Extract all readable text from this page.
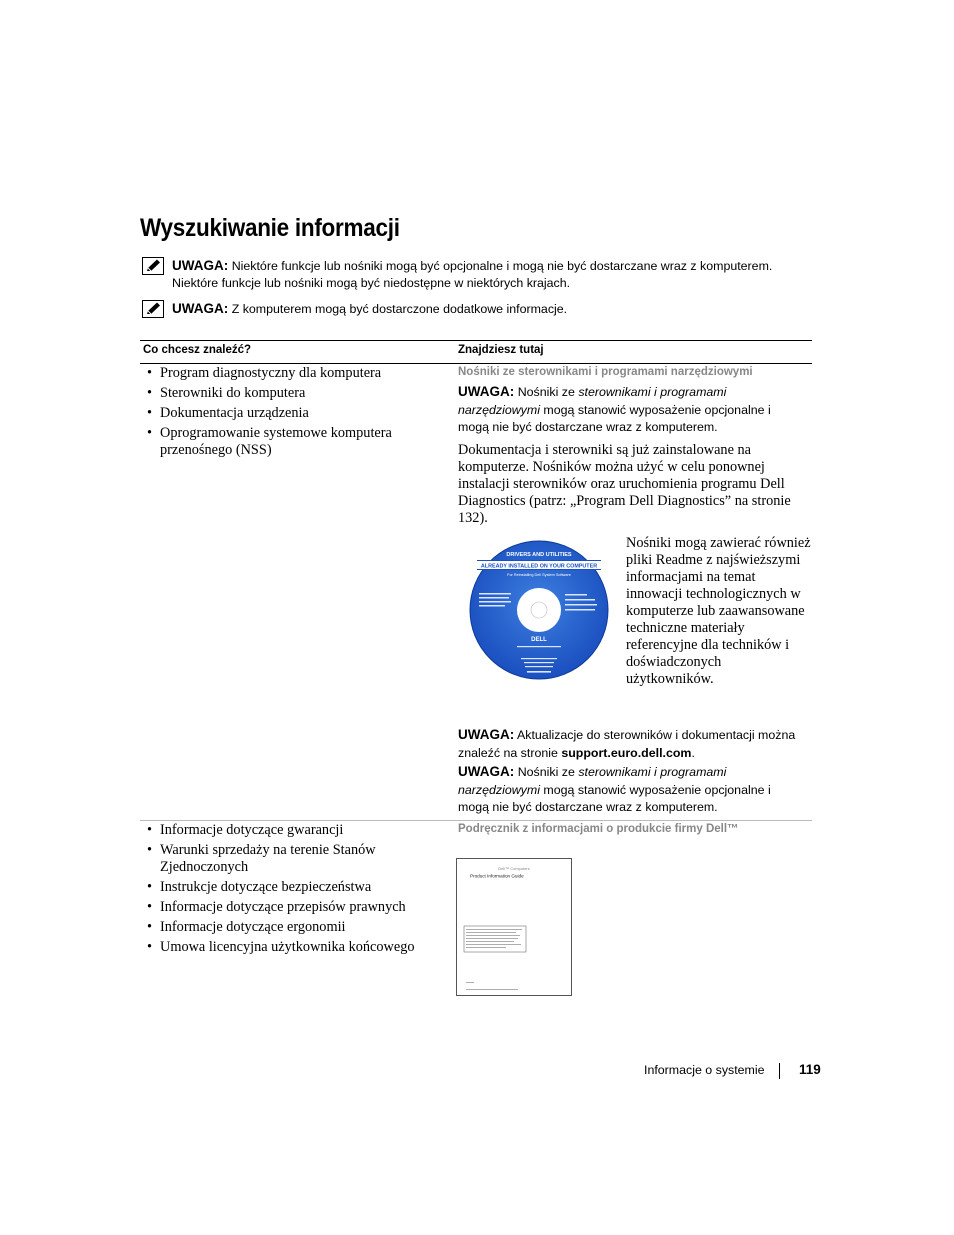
Wyszukiwanie informacji
UWAGA: Niektóre funkcje lub nośniki mogą być opcjonalne i mogą nie być dostarczane wraz z komputerem. Niektóre funkcje lub nośniki mogą być niedostępne w niektórych krajach.
UWAGA: Z komputerem mogą być dostarczone dodatkowe informacje.
Co chcesz znaleźć?	Znajdziesz tutaj
• Program diagnostyczny dla komputera
• Sterowniki do komputera
• Dokumentacja urządzenia
• Oprogramowanie systemowe komputera przenośnego (NSS)
Nośniki ze sterownikami i programami narzędziowymi
UWAGA: Nośniki ze sterownikami i programami narzędziowymi mogą stanowić wyposażenie opcjonalne i mogą nie być dostarczane wraz z komputerem.
Dokumentacja i sterowniki są już zainstalowane na komputerze. Nośników można użyć w celu ponownej instalacji sterowników oraz uruchomienia programu Dell Diagnostics (patrz: „Program Dell Diagnostics” na stronie 132).
DRIVERS AND UTILITIES
ALREADY INSTALLED ON YOUR COMPUTER
For Reinstalling Dell System Software
DELL
Nośniki mogą zawierać również pliki Readme z najświeższymi informacjami na temat innowacji technologicznych w komputerze lub zaawansowane techniczne materiały referencyjne dla techników i doświadczonych użytkowników.
UWAGA: Aktualizacje do sterowników i dokumentacji można znaleźć na stronie support.euro.dell.com.
UWAGA: Nośniki ze sterownikami i programami narzędziowymi mogą stanowić wyposażenie opcjonalne i mogą nie być dostarczane wraz z komputerem.
• Informacje dotyczące gwarancji
• Warunki sprzedaży na terenie Stanów Zjednoczonych
• Instrukcje dotyczące bezpieczeństwa
• Informacje dotyczące przepisów prawnych
• Informacje dotyczące ergonomii
• Umowa licencyjna użytkownika końcowego
Podręcznik z informacjami o produkcie firmy Dell™
Dell™ Computers
Product Information Guide
Informacje o systemie	119
